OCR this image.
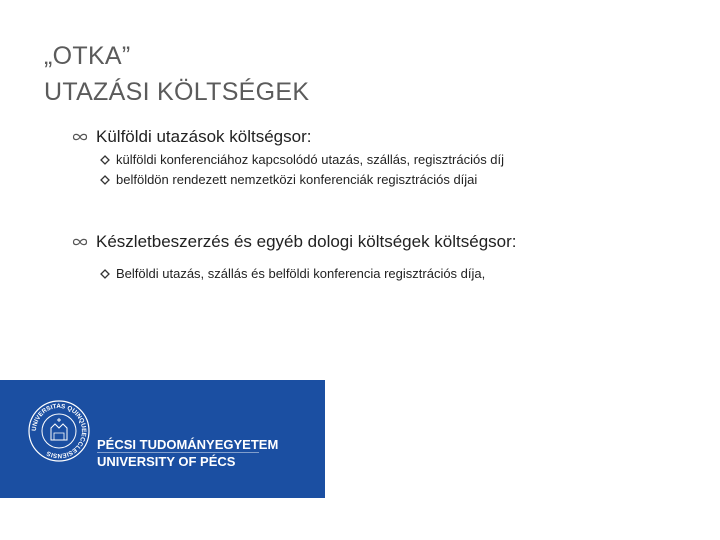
„OTKA”
UTAZÁSI KÖLTSÉGEK
Külföldi utazások költségsor:
külföldi konferenciához kapcsolódó utazás, szállás, regisztrációs díj
belföldön rendezett nemzetközi konferenciák regisztrációs díjai
Készletbeszerzés és egyéb dologi költségek költségsor:
Belföldi utazás, szállás és belföldi konferencia regisztrációs díja,
UNIVERSITAS QUINQUEECCLESIENSIS
PÉCSI TUDOMÁNYEGYETEM
UNIVERSITY OF PÉCS
